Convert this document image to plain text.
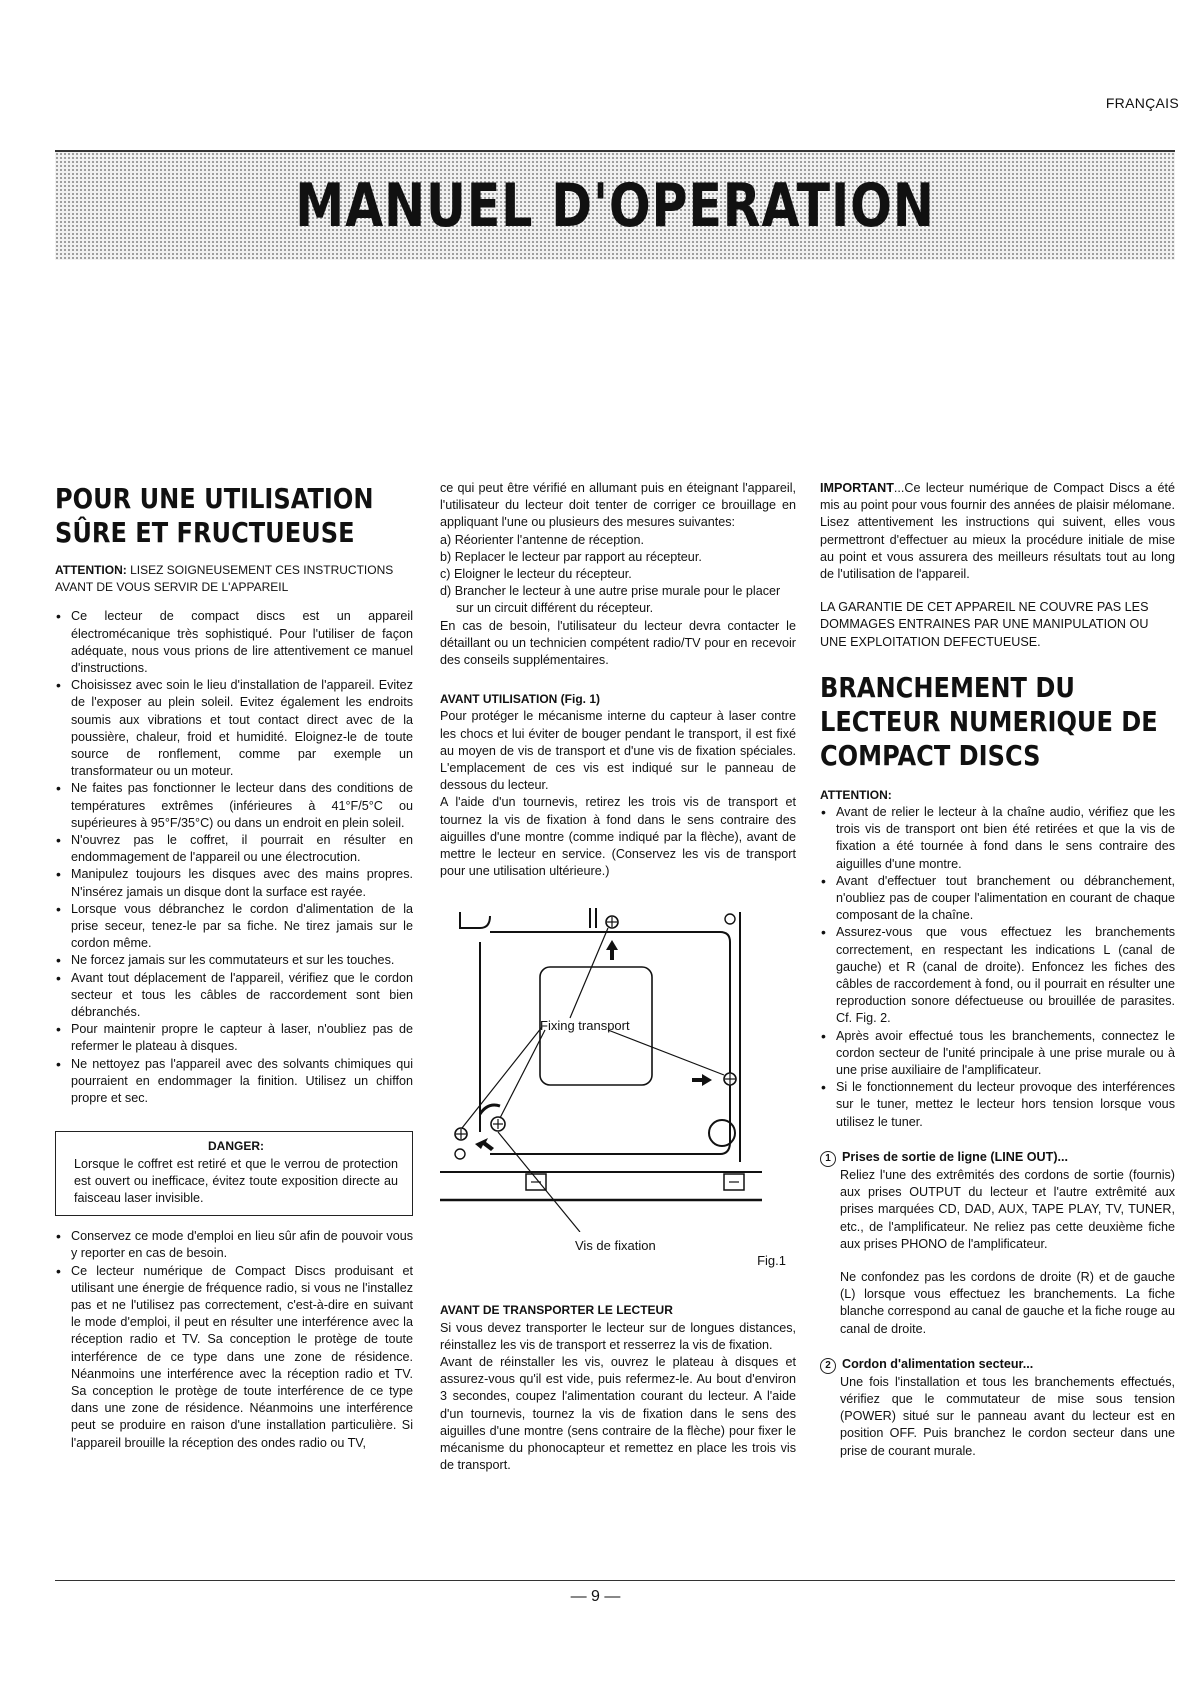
FRANÇAIS
MANUEL D'OPERATION
POUR UNE UTILISATION SÛRE ET FRUCTUEUSE

ATTENTION: LISEZ SOIGNEUSEMENT CES INSTRUCTIONS AVANT DE VOUS SERVIR DE L'APPAREIL

• Ce lecteur de compact discs est un appareil électromécanique très sophistiqué. Pour l'utiliser de façon adéquate, nous vous prions de lire attentivement ce manuel d'instructions.
• Choisissez avec soin le lieu d'installation de l'appareil. Evitez de l'exposer au plein soleil. Evitez également les endroits soumis aux vibrations et tout contact direct avec de la poussière, chaleur, froid et humidité. Eloignez-le de toute source de ronflement, comme par exemple un transformateur ou un moteur.
• Ne faites pas fonctionner le lecteur dans des conditions de températures extrêmes (inférieures à 41°F/5°C ou supérieures à 95°F/35°C) ou dans un endroit en plein soleil.
• N'ouvrez pas le coffret, il pourrait en résulter en endommagement de l'appareil ou une électrocution.
• Manipulez toujours les disques avec des mains propres. N'insérez jamais un disque dont la surface est rayée.
• Lorsque vous débranchez le cordon d'alimentation de la prise seceur, tenez-le par sa fiche. Ne tirez jamais sur le cordon même.
• Ne forcez jamais sur les commutateurs et sur les touches.
• Avant tout déplacement de l'appareil, vérifiez que le cordon secteur et tous les câbles de raccordement sont bien débranchés.
• Pour maintenir propre le capteur à laser, n'oubliez pas de refermer le plateau à disques.
• Ne nettoyez pas l'appareil avec des solvants chimiques qui pourraient en endommager la finition. Utilisez un chiffon propre et sec.
DANGER:

Lorsque le coffret est retiré et que le verrou de protection est ouvert ou inefficace, évitez toute exposition directe au faisceau laser invisible.

• Conservez ce mode d'emploi en lieu sûr afin de pouvoir vous y reporter en cas de besoin.
• Ce lecteur numérique de Compact Discs produisant et utilisant une énergie de fréquence radio, si vous ne l'installez pas et ne l'utilisez pas correctement, c'est-à-dire en suivant le mode d'emploi, il peut en résulter une interférence avec la réception radio et TV. Sa conception le protège de toute interférence de ce type dans une zone de résidence. Néanmoins une interférence avec la réception radio et TV. Sa conception le protège de toute interférence de ce type dans une zone de résidence. Néanmoins une interférence peut se produire en raison d'une installation particulière. Si l'appareil brouille la réception des ondes radio ou TV,

ce qui peut être vérifié en allumant puis en éteignant l'appareil, l'utilisateur du lecteur doit tenter de corriger ce brouillage en appliquant l'une ou plusieurs des mesures suivantes:

a) Réorienter l'antenne de réception.
b) Replacer le lecteur par rapport au récepteur.
c) Eloigner le lecteur du récepteur.
d) Brancher le lecteur à une autre prise murale pour le placer sur un circuit différent du récepteur.

En cas de besoin, l'utilisateur du lecteur devra contacter le détaillant ou un technicien compétent radio/TV pour en recevoir des conseils supplémentaires.

AVANT UTILISATION (Fig. 1)

Pour protéger le mécanisme interne du capteur à laser contre les chocs et lui éviter de bouger pendant le transport, il est fixé au moyen de vis de transport et d'une vis de fixation spéciales. L'emplacement de ces vis est indiqué sur le panneau de dessous du lecteur.

A l'aide d'un tournevis, retirez les trois vis de transport et tournez la vis de fixation à fond dans le sens contraire des aiguilles d'une montre (comme indiqué par la flèche), avant de mettre le lecteur en service. (Conservez les vis de transport pour une utilisation ultérieure.)

Fixing transport
Vis de fixation
Fig.1
AVANT DE TRANSPORTER LE LECTEUR

Si vous devez transporter le lecteur sur de longues distances, réinstallez les vis de transport et resserrez la vis de fixation.

Avant de réinstaller les vis, ouvrez le plateau à disques et assurez-vous qu'il est vide, puis refermez-le. Au bout d'environ 3 secondes, coupez l'alimentation courant du lecteur. A l'aide d'un tournevis, tournez la vis de fixation dans le sens des aiguilles d'une montre (sens contraire de la flèche) pour fixer le mécanisme du phonocapteur et remettez en place les trois vis de transport.

IMPORTANT...Ce lecteur numérique de Compact Discs a été mis au point pour vous fournir des années de plaisir mélomane. Lisez attentivement les instructions qui suivent, elles vous permettront d'effectuer au mieux la procédure initiale de mise au point et vous assurera des meilleurs résultats tout au long de l'utilisation de l'appareil.

LA GARANTIE DE CET APPAREIL NE COUVRE PAS LES DOMMAGES ENTRAINES PAR UNE MANIPULATION OU UNE EXPLOITATION DEFECTUEUSE.

BRANCHEMENT DU LECTEUR NUMERIQUE DE COMPACT DISCS
ATTENTION:
• Avant de relier le lecteur à la chaîne audio, vérifiez que les trois vis de transport ont bien été retirées et que la vis de fixation a été tournée à fond dans le sens contraire des aiguilles d'une montre.
• Avant d'effectuer tout branchement ou débranchement, n'oubliez pas de couper l'alimentation en courant de chaque composant de la chaîne.
• Assurez-vous que vous effectuez les branchements correctement, en respectant les indications L (canal de gauche) et R (canal de droite). Enfoncez les fiches des câbles de raccordement à fond, ou il pourrait en résulter une reproduction sonore défectueuse ou brouillée de parasites. Cf. Fig. 2.
• Après avoir effectué tous les branchements, connectez le cordon secteur de l'unité principale à une prise murale ou à une prise auxiliaire de l'amplificateur.
• Si le fonctionnement du lecteur provoque des interférences sur le tuner, mettez le lecteur hors tension lorsque vous utilisez le tuner.
1 Prises de sortie de ligne (LINE OUT)...
Reliez l'une des extrêmités des cordons de sortie (fournis) aux prises OUTPUT du lecteur et l'autre extrêmité aux prises marquées CD, DAD, AUX, TAPE PLAY, TV, TUNER, etc., de l'amplificateur. Ne reliez pas cette deuxième fiche aux prises PHONO de l'amplificateur.
Ne confondez pas les cordons de droite (R) et de gauche (L) lorsque vous effectuez les branchements. La fiche blanche correspond au canal de gauche et la fiche rouge au canal de droite.
2 Cordon d'alimentation secteur...
Une fois l'installation et tous les branchements effectués, vérifiez que le commutateur de mise sous tension (POWER) situé sur le panneau avant du lecteur est en position OFF. Puis branchez le cordon secteur dans une prise de courant murale.
— 9 —
